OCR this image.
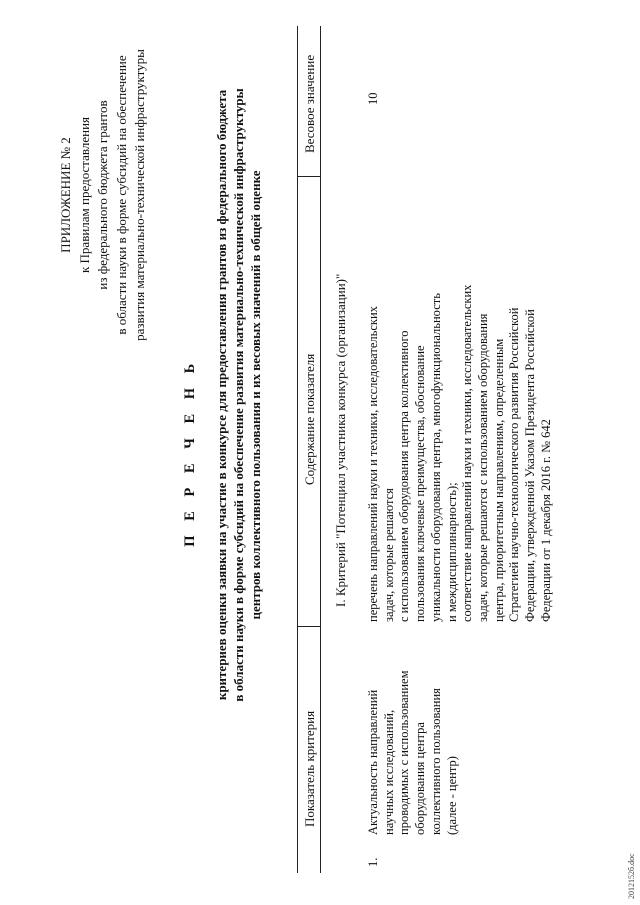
ПРИЛОЖЕНИЕ № 2 к Правилам предоставления из федерального бюджета грантов в области науки в форме субсидий на обеспечение развития материально-технической инфраструктуры
П Е Р Е Ч Е Н Ь критериев оценки заявки на участие в конкурсе для предоставления грантов из федерального бюджета в области науки в форме субсидий на обеспечение развития материально-технической инфраструктуры центров коллективного пользования и их весовых значений в общей оценке
Показатель критерия
Содержание показателя
Весовое значение
I. Критерий "Потенциал участника конкурса (организации)"
1.
Актуальность направлений научных исследований, проводимых с использованием оборудования центра коллективного пользования (далее - центр)
перечень направлений науки и техники, исследовательских задач, которые решаются с использованием оборудования центра коллективного пользования ключевые преимущества, обоснование уникальности оборудования центра, многофункциональность и междисциплинарность); соответствие направлений науки и техники, исследовательских задач, которые решаются с использованием оборудования центра, приоритетным направлениям, определенным Стратегией научно-технологического развития Российской Федерации, утвержденной Указом Президента Российской Федерации от 1 декабря 2016 г. № 642
10
2012152б.doc
